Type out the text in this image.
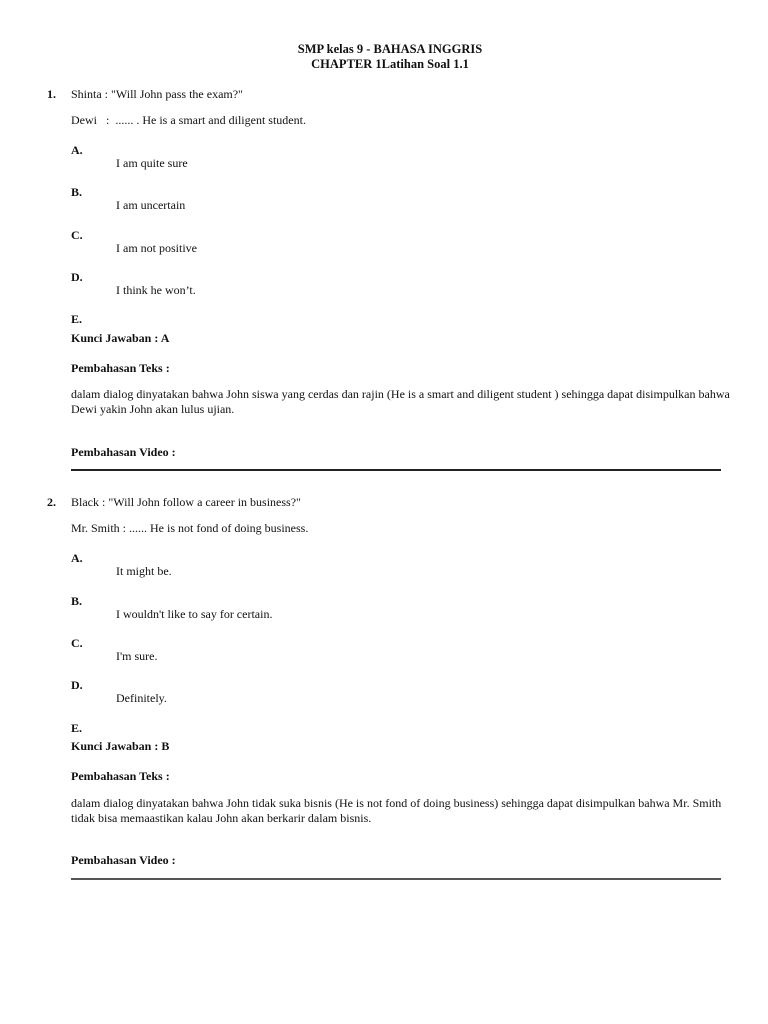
SMP kelas 9 - BAHASA INGGRIS
CHAPTER 1Latihan Soal 1.1
1. Shinta : "Will John pass the exam?"
Dewi   :  ...... . He is a smart and diligent student.
A.
I am quite sure
B.
I am uncertain
C.
I am not positive
D.
I think he won’t.
E.
Kunci Jawaban : A
Pembahasan Teks :
dalam dialog dinyatakan bahwa John siswa yang cerdas dan rajin (He is a smart and diligent student ) sehingga dapat disimpulkan bahwa Dewi yakin John akan lulus ujian.
Pembahasan Video :
2. Black : "Will John follow a career in business?"
Mr. Smith : ...... He is not fond of doing business.
A.
It might be.
B.
I wouldn't like to say for certain.
C.
I'm sure.
D.
Definitely.
E.
Kunci Jawaban : B
Pembahasan Teks :
dalam dialog dinyatakan bahwa John tidak suka bisnis (He is not fond of doing business) sehingga dapat disimpulkan bahwa Mr. Smith tidak bisa memaastikan kalau John akan berkarir dalam bisnis.
Pembahasan Video :
